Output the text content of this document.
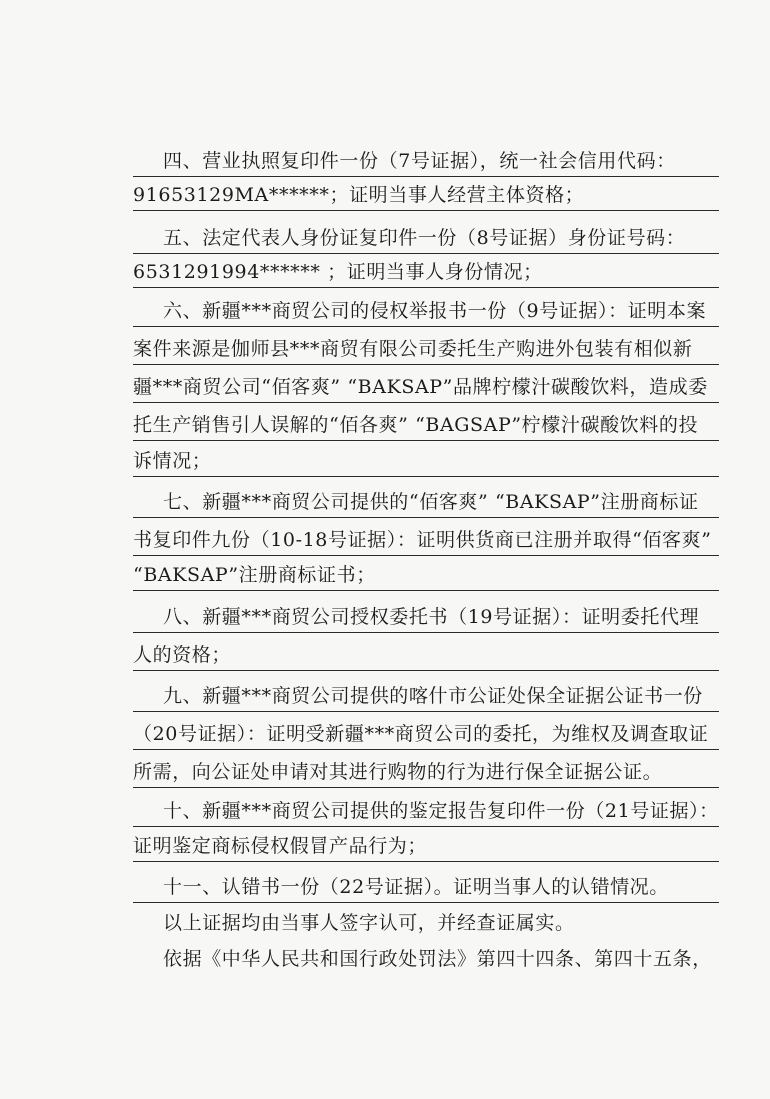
四、营业执照复印件一份（7号证据），统一社会信用代码：
91653129MA******；证明当事人经营主体资格；
五、法定代表人身份证复印件一份（8号证据）身份证号码：
6531291994****** ；证明当事人身份情况；
六、新疆***商贸公司的侵权举报书一份（9号证据）：证明本案
案件来源是伽师县***商贸有限公司委托生产购进外包装有相似新
疆***商贸公司“佰客爽” “BAKSAP”品牌柠檬汁碳酸饮料，造成委
托生产销售引人误解的“佰各爽” “BAGSAP”柠檬汁碳酸饮料的投
诉情况；
七、新疆***商贸公司提供的“佰客爽” “BAKSAP”注册商标证
书复印件九份（10-18号证据）：证明供货商已注册并取得“佰客爽”
“BAKSAP”注册商标证书；
八、新疆***商贸公司授权委托书（19号证据）：证明委托代理
人的资格；
九、新疆***商贸公司提供的喀什市公证处保全证据公证书一份
（20号证据）：证明受新疆***商贸公司的委托，为维权及调查取证
所需，向公证处申请对其进行购物的行为进行保全证据公证。
十、新疆***商贸公司提供的鉴定报告复印件一份（21号证据）：
证明鉴定商标侵权假冒产品行为；
十一、认错书一份（22号证据）。证明当事人的认错情况。
以上证据均由当事人签字认可，并经查证属实。
依据《中华人民共和国行政处罚法》第四十四条、第四十五条，
